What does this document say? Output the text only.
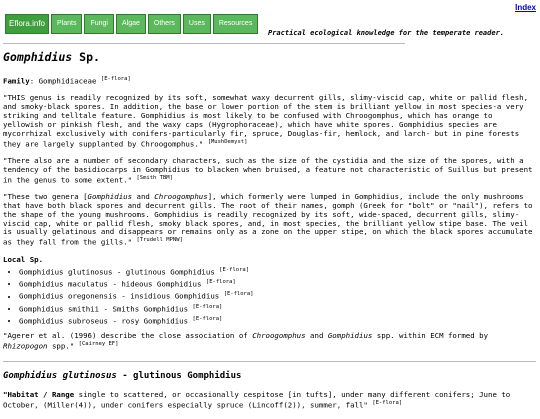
Index
Eflora.info	Plants	Fungi	Algae	Others	Uses	Resources
Practical ecological knowledge for the temperate reader.
Gomphidius Sp.

Family: Gomphidiaceae [E-flora]

"THIS genus is readily recognized by its soft, somewhat waxy decurrent gills, slimy-viscid cap, white or pallid flesh, and smoky-black spores. In addition, the base or lower portion of the stem is brilliant yellow in most species-a very striking and telltale feature. Gomphidius is most likely to be confused with Chroogomphus, which has orange to yellowish or pinkish flesh, and the waxy caps (Hygrophoraceae), which have white spores. Gomphidius species are mycorrhizal exclusively with conifers-particularly fir, spruce, Douglas-fir, hemlock, and larch- but in pine forests they are largely supplanted by Chroogomphus." [MushDemyst]

"There also are a number of secondary characters, such as the size of the cystidia and the size of the spores, with a tendency of the basidiocarps in Gomphidius to blacken when bruised, a feature not characteristic of Suillus but present in the genus to some extent." [Smith TBM]

"These two genera [Gomphidius and Chroogomphus], which formerly were lumped in Gomphidius, include the only mushrooms that have both black spores and decurrent gills. The root of their names, gomph (Greek for "bolt" or "nail"), refers to the shape of the young mushrooms. Gomphidius is readily recognized by its soft, wide-spaced, decurrent gills, slimy-viscid cap, white or pallid flesh, smoky black spores, and, in most species, the brilliant yellow stipe base. The veil is usually gelatinous and disappears or remains only as a zone on the upper stipe, on which the black spores accumulate as they fall from the gills." [Trudell MPNW]

Local Sp.

• Gomphidius glutinosus - glutinous Gomphidius [E-flora]
• Gomphidius maculatus - hideous Gomphidius [E-flora]
• Gomphidius oregonensis - insidious Gomphidius [E-flora]
• Gomphidius smithii - Smiths Gomphidius [E-flora]
• Gomphidius subroseus - rosy Gomphidius [E-flora]

"Agerer et al. (1996) describe the close association of Chroogomphus and Gomphidius spp. within ECM formed by Rhizopogon spp." [Cairney EF]

Gomphidius glutinosus - glutinous Gomphidius

"Habitat / Range single to scattered, or occasionally cespitose [in tufts], under many different conifers; June to October, (Miller(4)), under conifers especially spruce (Lincoff(2)), summer, fall" [E-flora]
